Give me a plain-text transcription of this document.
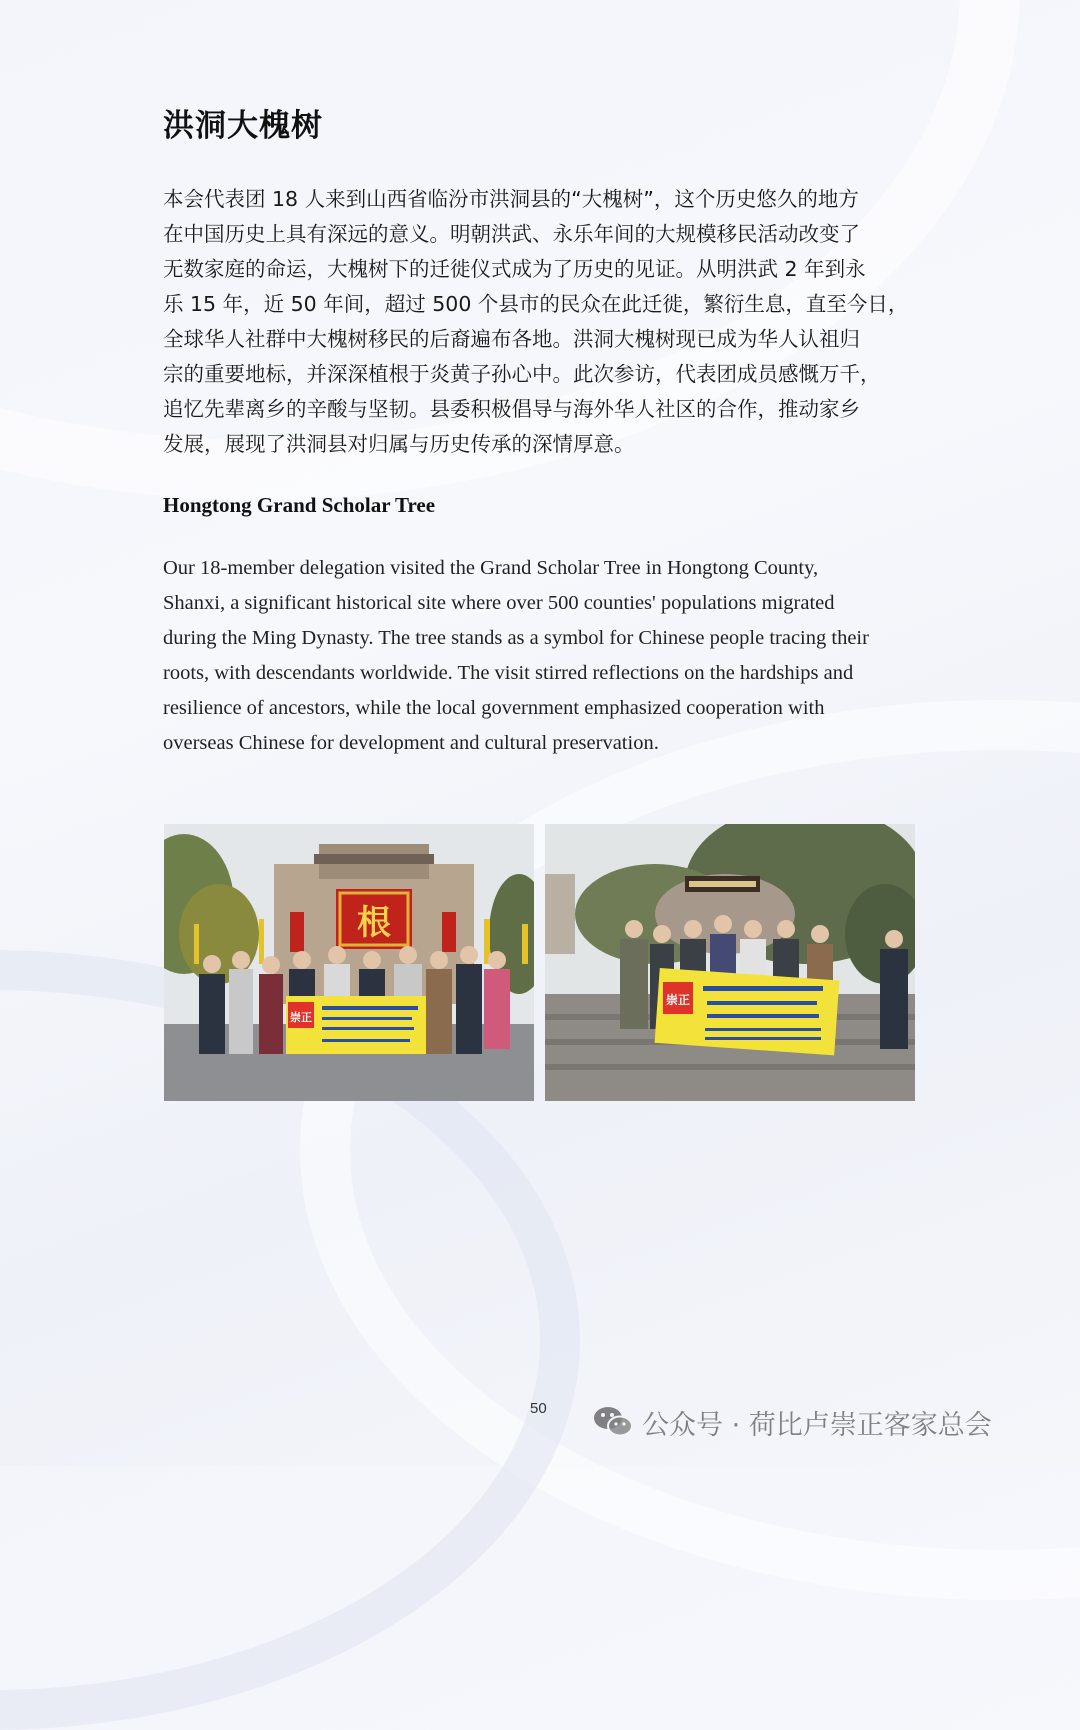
洪洞大槐树
本会代表团 18 人来到山西省临汾市洪洞县的“大槐树”，这个历史悠久的地方
在中国历史上具有深远的意义。明朝洪武、永乐年间的大规模移民活动改变了
无数家庭的命运，大槐树下的迁徙仪式成为了历史的见证。从明洪武 2 年到永
乐 15 年，近 50 年间，超过 500 个县市的民众在此迁徙，繁衍生息，直至今日，
全球华人社群中大槐树移民的后裔遍布各地。洪洞大槐树现已成为华人认祖归
宗的重要地标，并深深植根于炎黄子孙心中。此次参访，代表团成员感慨万千，
追忆先辈离乡的辛酸与坚韧。县委积极倡导与海外华人社区的合作，推动家乡
发展，展现了洪洞县对归属与历史传承的深情厚意。
Hongtong Grand Scholar Tree
Our 18-member delegation visited the Grand Scholar Tree in Hongtong County,
Shanxi, a significant historical site where over 500 counties' populations migrated
during the Ming Dynasty. The tree stands as a symbol for Chinese people tracing their
roots, with descendants worldwide. The visit stirred reflections on the hardships and
resilience of ancestors, while the local government emphasized cooperation with
overseas Chinese for development and cultural preservation.
根
崇正
崇正
50
公众号 · 荷比卢崇正客家总会
